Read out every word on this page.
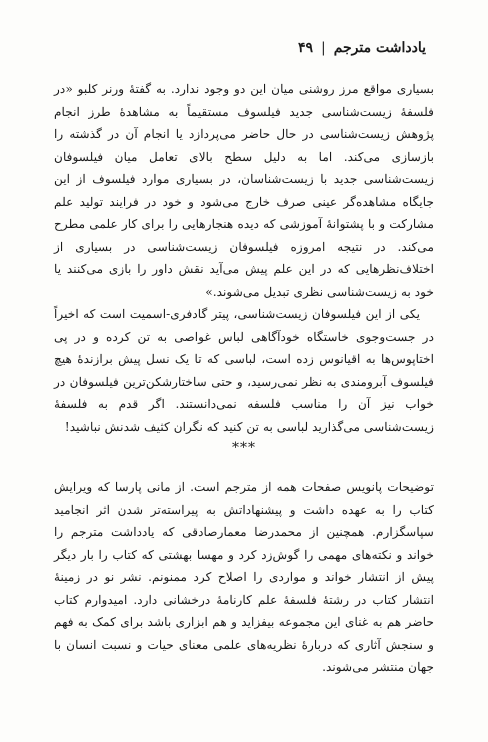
یادداشت مترجم
|
۴۹

بسیاری مواقع مرز روشنی میان این دو وجود ندارد. به گفتهٔ ورنر کلبو «در فلسفهٔ زیست‌شناسی جدید فیلسوف مستقیماً به مشاهدهٔ طرز انجام پژوهش زیست‌شناسی در حال حاضر می‌پردازد یا انجام آن در گذشته را بازسازی می‌کند. اما به دلیل سطح بالای تعامل میان فیلسوفان زیست‌شناسی جدید با زیست‌شناسان، در بسیاری موارد فیلسوف از این جایگاه مشاهده‌گر عینی صرف خارج می‌شود و خود در فرایند تولید علم مشارکت و با پشتوانهٔ آموزشی که دیده هنجارهایی را برای کار علمی مطرح می‌کند. در نتیجه امروزه فیلسوفان زیست‌شناسی در بسیاری از اختلاف‌نظرهایی که در این علم پیش می‌آید نقش داور را بازی می‌کنند یا خود به زیست‌شناسی نظری تبدیل می‌شوند.»

یکی از این فیلسوفان زیست‌شناسی، پیتر گادفری-اسمیت است که اخیراً در جست‌وجوی خاستگاه خودآگاهی لباس غواصی به تن کرده و در پی اختاپوس‌ها به اقیانوس زده است، لباسی که تا یک نسل پیش برازندهٔ هیچ فیلسوف آبرومندی به نظر نمی‌رسید، و حتی ساختارشکن‌ترین فیلسوفان در خواب نیز آن را مناسب فلسفه نمی‌دانستند. اگر قدم به فلسفهٔ زیست‌شناسی می‌گذارید لباسی به تن کنید که نگران کثیف شدنش نباشید!

***

توضیحات پانویس صفحات همه از مترجم است. از مانی پارسا که ویرایش کتاب را به عهده داشت و پیشنهاداتش به پیراسته‌تر شدن اثر انجامید سپاسگزارم. همچنین از محمدرضا معمارصادقی که یادداشت مترجم را خواند و نکته‌های مهمی را گوش‌زد کرد و مهسا بهشتی که کتاب را بار دیگر پیش از انتشار خواند و مواردی را اصلاح کرد ممنونم. نشر نو در زمینهٔ انتشار کتاب در رشتهٔ فلسفهٔ علم کارنامهٔ درخشانی دارد. امیدوارم کتاب حاضر هم به غنای این مجموعه بیفزاید و هم ابزاری باشد برای کمک به فهم و سنجش آثاری که دربارهٔ نظریه‌های علمی معنای حیات و نسبت انسان با جهان منتشر می‌شوند.
